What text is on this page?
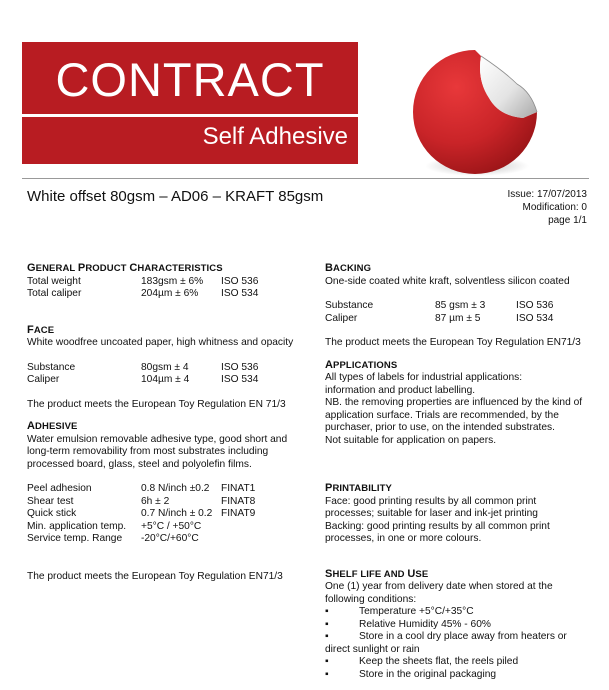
CONTRACT
Self Adhesive
White offset 80gsm – AD06 – KRAFT 85gsm	Issue: 17/07/2013
Modification: 0
page 1/1
GENERAL PRODUCT CHARACTERISTICS
Total weight	183gsm ± 6%	ISO 536
Total caliper	204µm ± 6%	ISO 534
FACE

White woodfree uncoated paper, high whitness and opacity

Substance	80gsm ± 4	ISO 536
Caliper	104µm ± 4	ISO 534

The product meets the European Toy Regulation EN 71/3

ADHESIVE

Water emulsion removable adhesive type, good short and

long-term removability from most substrates including

processed board, glass, steel and polyolefin films.

Peel adhesion	0.8 N/inch ±0.2	FINAT1
Shear test	6h ± 2	FINAT8
Quick stick	0.7 N/inch ± 0.2 FINAT9
Min. application temp.	+5°C / +50°C
Service temp. Range	-20°C/+60°C

The product meets the European Toy Regulation EN71/3

BACKING

One-side coated white kraft, solventless silicon coated

Substance	85 gsm ± 3	ISO 536
Caliper	87 µm ± 5	ISO 534

The product meets the European Toy Regulation EN71/3

APPLICATIONS

All types of labels for industrial applications:

information and product labelling.

NB. the removing properties are influenced by the kind of

application surface. Trials are recommended, by the

purchaser, prior to use, on the intended substrates.

Not suitable for application on papers.

PRINTABILITY

Face: good printing results by all common print

processes; suitable for laser and ink-jet printing

Backing: good printing results by all common print

processes, in one or more colours.

SHELF LIFE AND USE

One (1) year from delivery date when stored at the

following conditions:

▪	Temperature +5°C/+35°C
▪	Relative Humidity 45% - 60%
▪	Store in a cool dry place away from heaters or

direct sunlight or rain

▪	Keep the sheets flat, the reels piled
▪	Store in the original packaging
